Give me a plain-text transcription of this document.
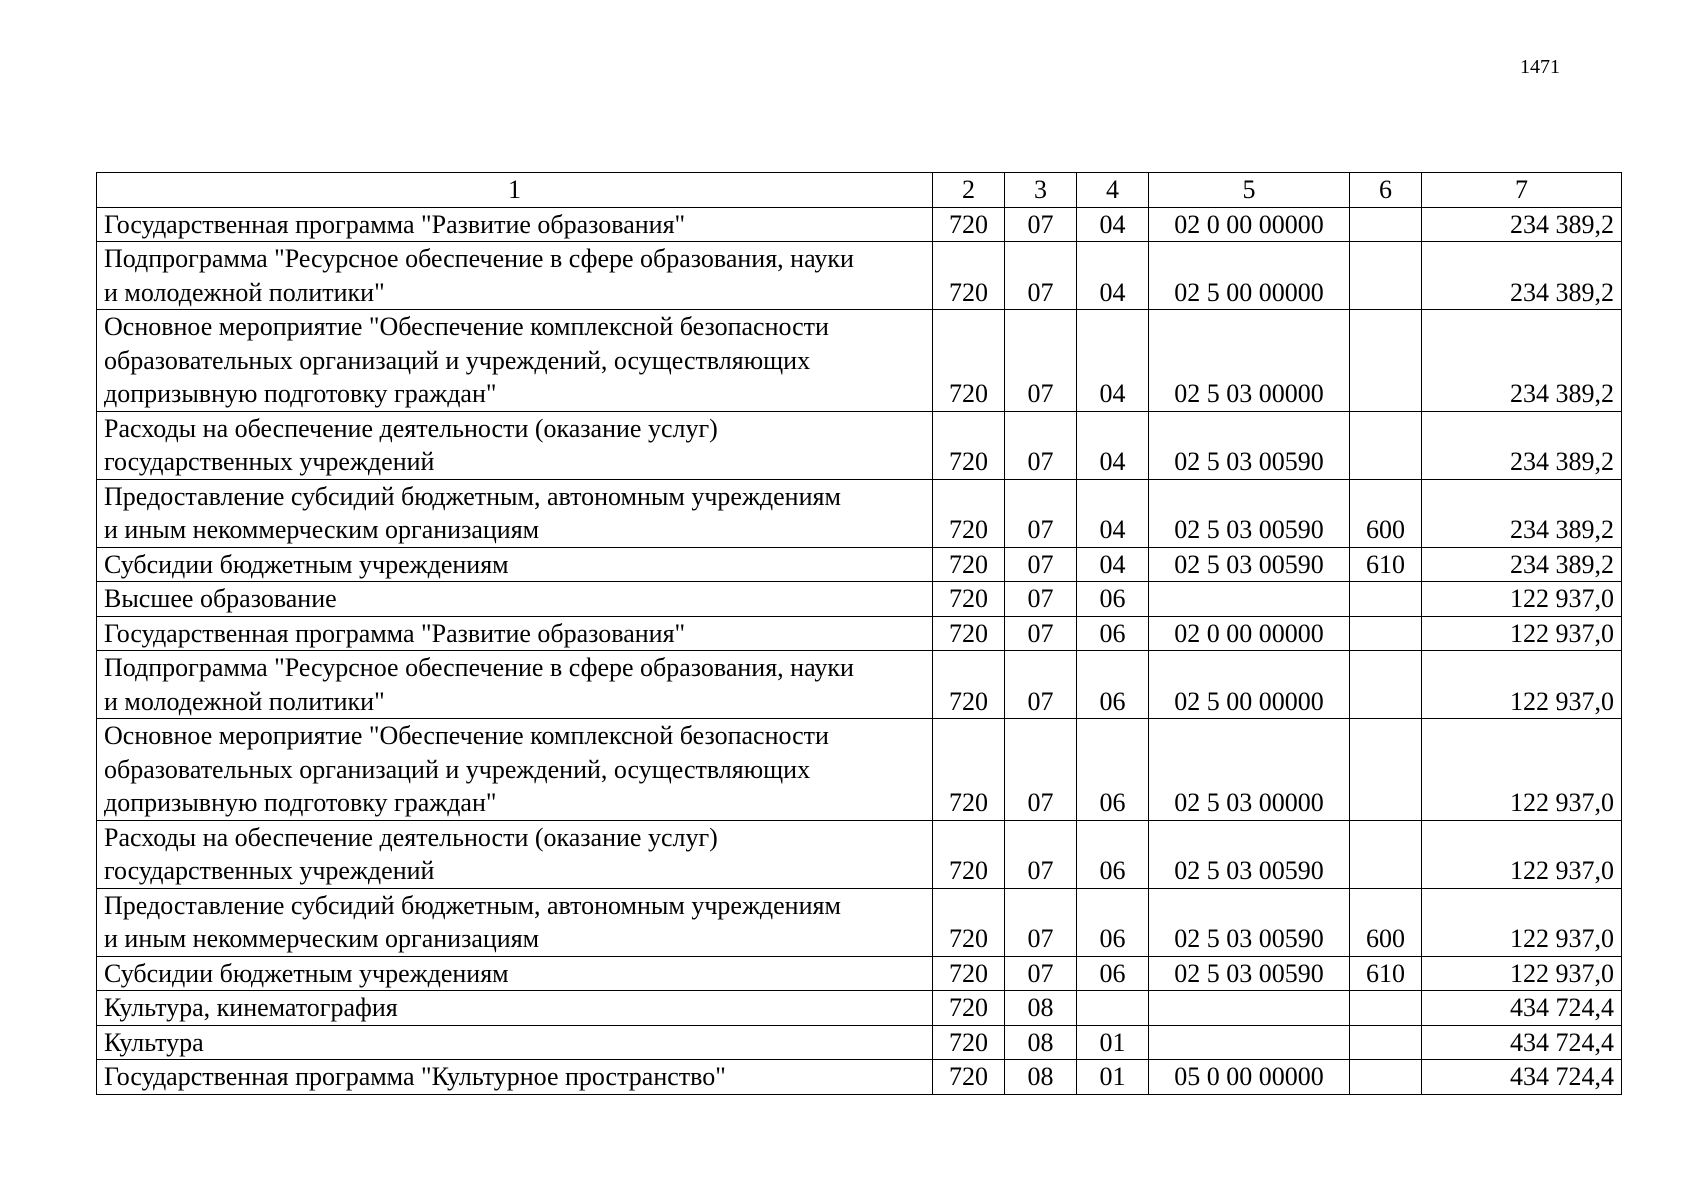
1471
1	2	3	4	5	6	7
Государственная программа "Развитие образования"	720	07	04	02 0 00 00000		234 389,2
Подпрограмма "Ресурсное обеспечение в сфере образования, науки
и молодежной политики"	720	07	04	02 5 00 00000		234 389,2
Основное мероприятие "Обеспечение комплексной безопасности
образовательных организаций и учреждений, осуществляющих
допризывную подготовку граждан"	720	07	04	02 5 03 00000		234 389,2
Расходы на обеспечение деятельности (оказание услуг)
государственных учреждений	720	07	04	02 5 03 00590		234 389,2
Предоставление субсидий бюджетным, автономным учреждениям
и иным некоммерческим организациям	720	07	04	02 5 03 00590	600	234 389,2
Субсидии бюджетным учреждениям	720	07	04	02 5 03 00590	610	234 389,2
Высшее образование	720	07	06			122 937,0
Государственная программа "Развитие образования"	720	07	06	02 0 00 00000		122 937,0
Подпрограмма "Ресурсное обеспечение в сфере образования, науки
и молодежной политики"	720	07	06	02 5 00 00000		122 937,0
Основное мероприятие "Обеспечение комплексной безопасности
образовательных организаций и учреждений, осуществляющих
допризывную подготовку граждан"	720	07	06	02 5 03 00000		122 937,0
Расходы на обеспечение деятельности (оказание услуг)
государственных учреждений	720	07	06	02 5 03 00590		122 937,0
Предоставление субсидий бюджетным, автономным учреждениям
и иным некоммерческим организациям	720	07	06	02 5 03 00590	600	122 937,0
Субсидии бюджетным учреждениям	720	07	06	02 5 03 00590	610	122 937,0
Культура, кинематография	720	08				434 724,4
Культура	720	08	01			434 724,4
Государственная программа "Культурное пространство"	720	08	01	05 0 00 00000		434 724,4
